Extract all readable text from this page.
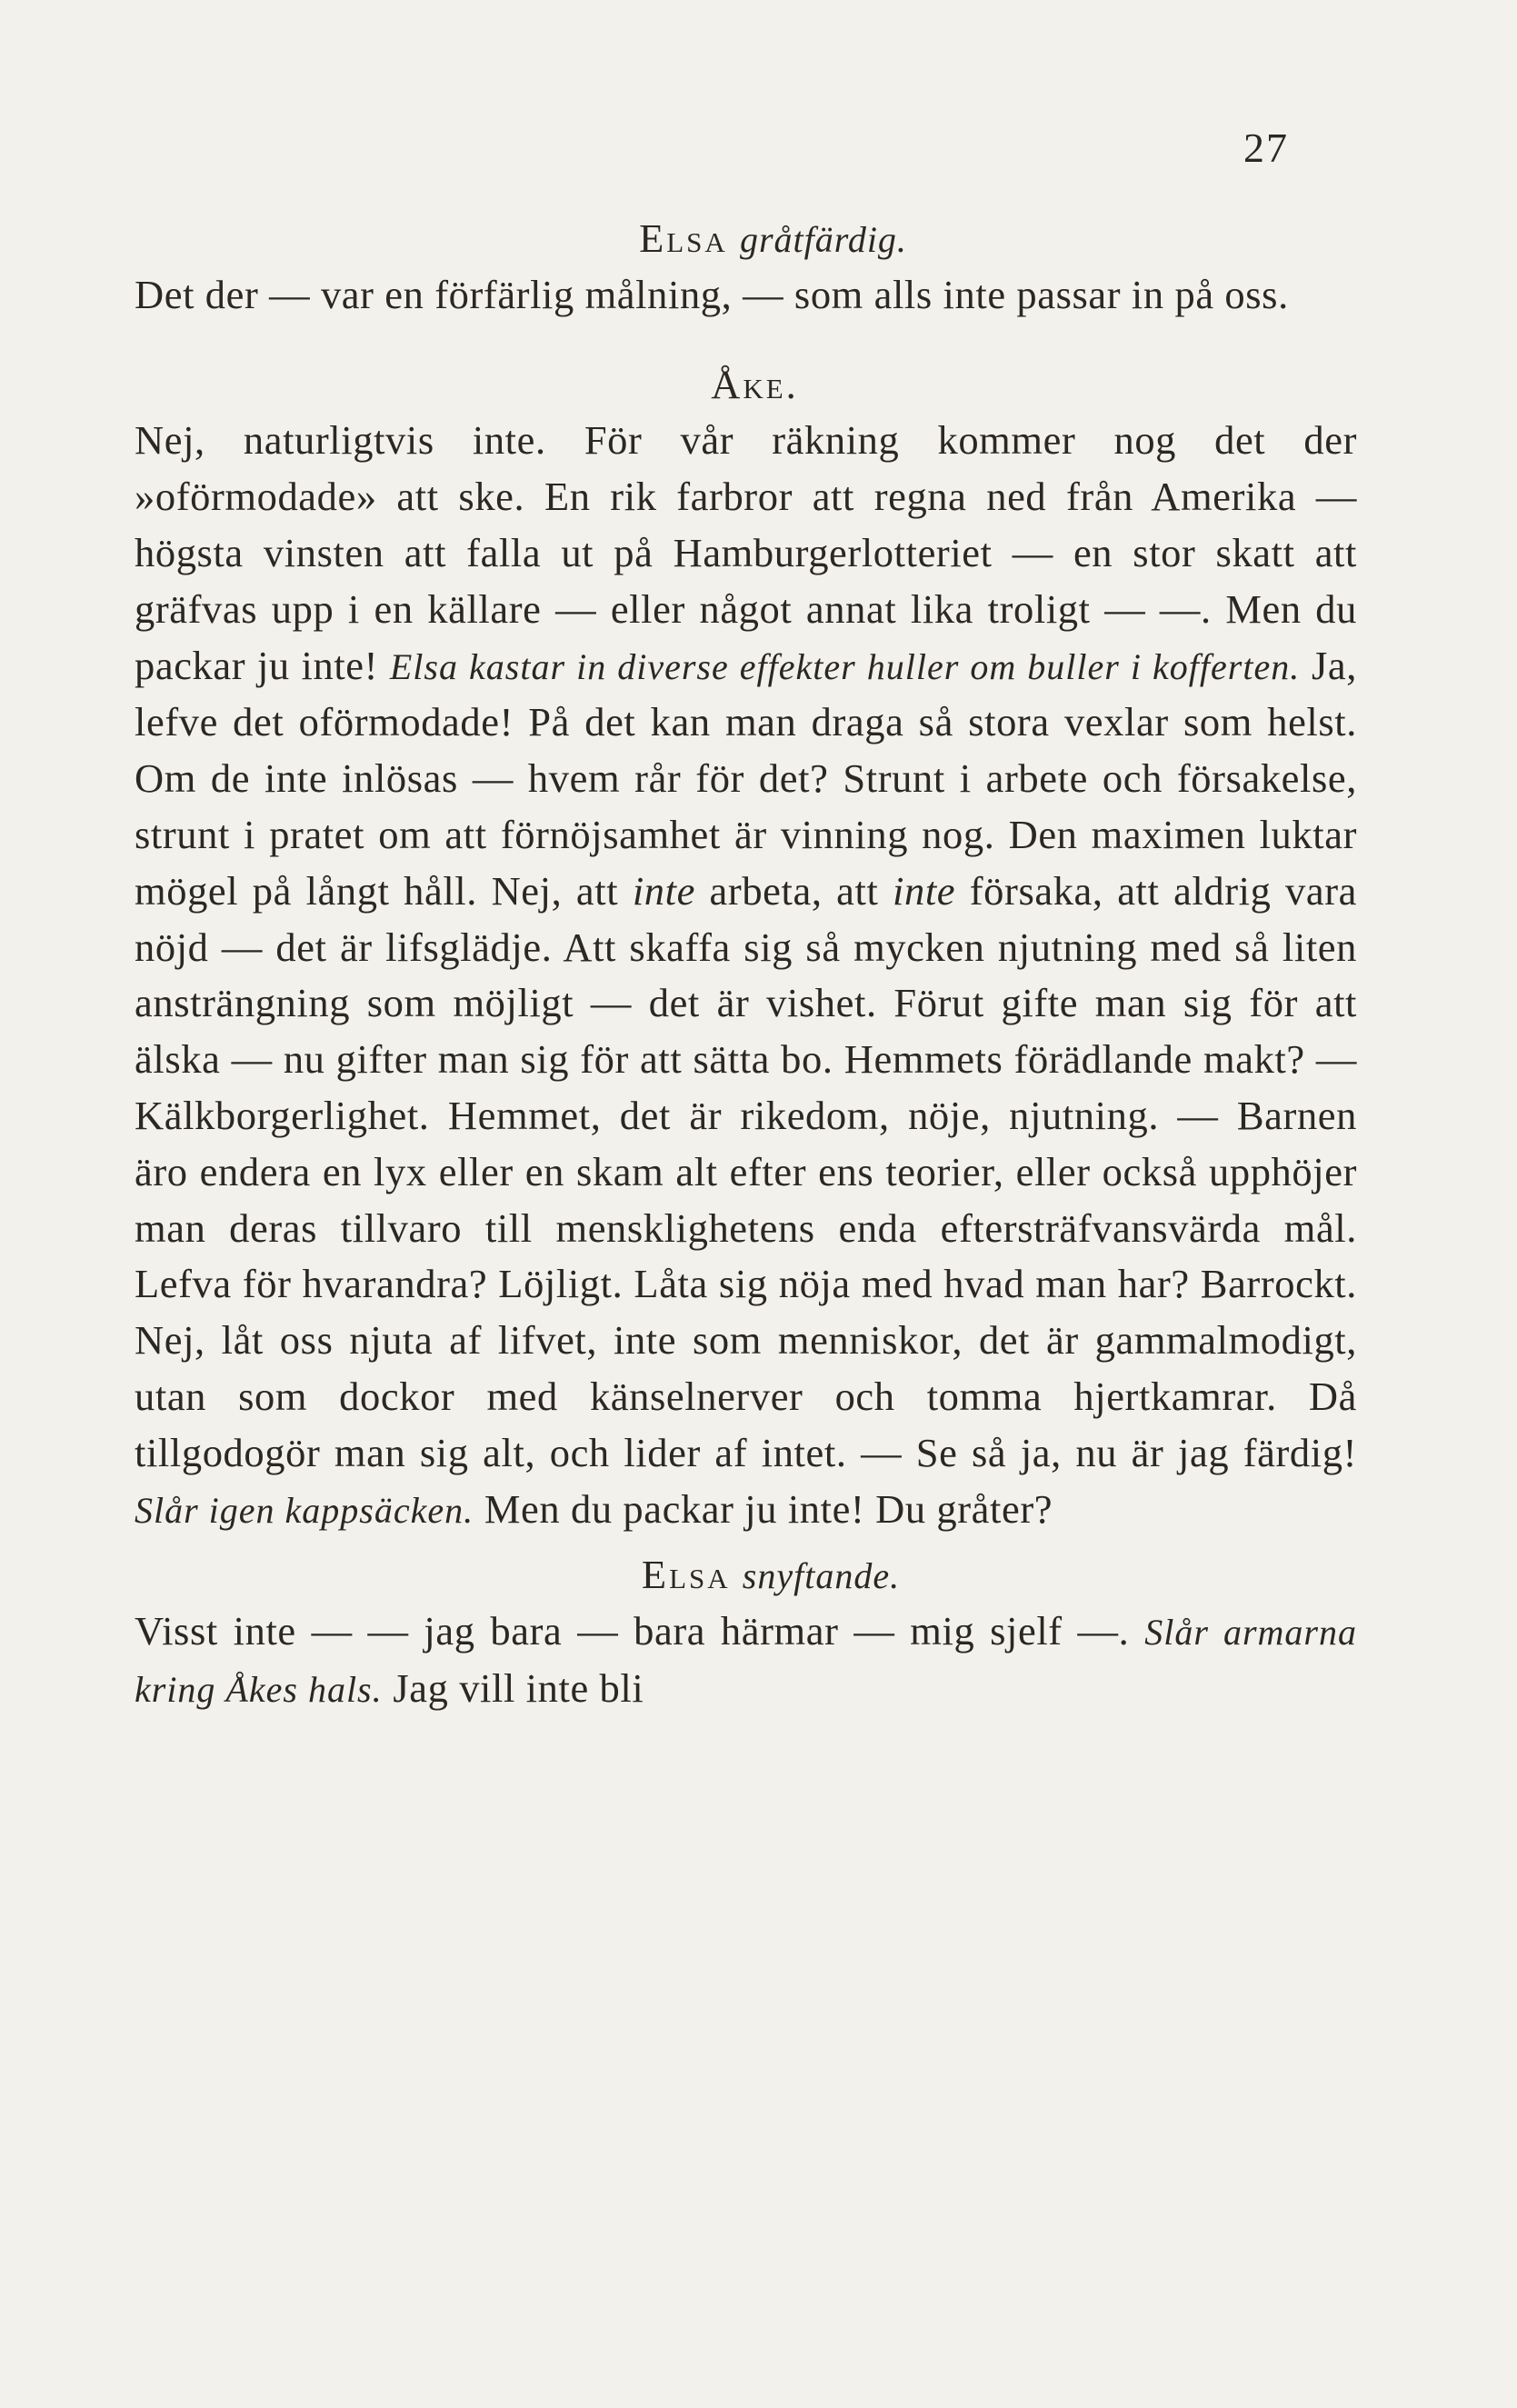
27
Elsa gråtfärdig.
Det der — var en förfärlig målning, — som alls inte passar in på oss.
Åke.
Nej, naturligtvis inte. För vår räkning kommer nog det der »oförmodade» att ske. En rik farbror att regna ned från Amerika — högsta vinsten att falla ut på Hamburgerlotteriet — en stor skatt att gräfvas upp i en källare — eller något annat lika troligt — —. Men du packar ju inte! Elsa kastar in diverse effekter huller om buller i kofferten. Ja, lefve det oförmodade! På det kan man draga så stora vexlar som helst. Om de inte inlösas — hvem rår för det? Strunt i arbete och försakelse, strunt i pratet om att förnöjsamhet är vinning nog. Den maximen luktar mögel på långt håll. Nej, att inte arbeta, att inte försaka, att aldrig vara nöjd — det är lifsglädje. Att skaffa sig så mycken njutning med så liten ansträngning som möjligt — det är vishet. Förut gifte man sig för att älska — nu gifter man sig för att sätta bo. Hemmets förädlande makt? — Kälkborgerlighet. Hemmet, det är rikedom, nöje, njutning. — Barnen äro endera en lyx eller en skam alt efter ens teorier, eller också upphöjer man deras tillvaro till mensklighetens enda eftersträfvansvärda mål. Lefva för hvarandra? Löjligt. Låta sig nöja med hvad man har? Barrockt. Nej, låt oss njuta af lifvet, inte som menniskor, det är gammalmodigt, utan som dockor med känselnerver och tomma hjertkamrar. Då tillgodogör man sig alt, och lider af intet. — Se så ja, nu är jag färdig! Slår igen kappsäcken. Men du packar ju inte! Du gråter?
Elsa snyftande.
Visst inte — — jag bara — bara härmar — mig sjelf —. Slår armarna kring Åkes hals. Jag vill inte bli
